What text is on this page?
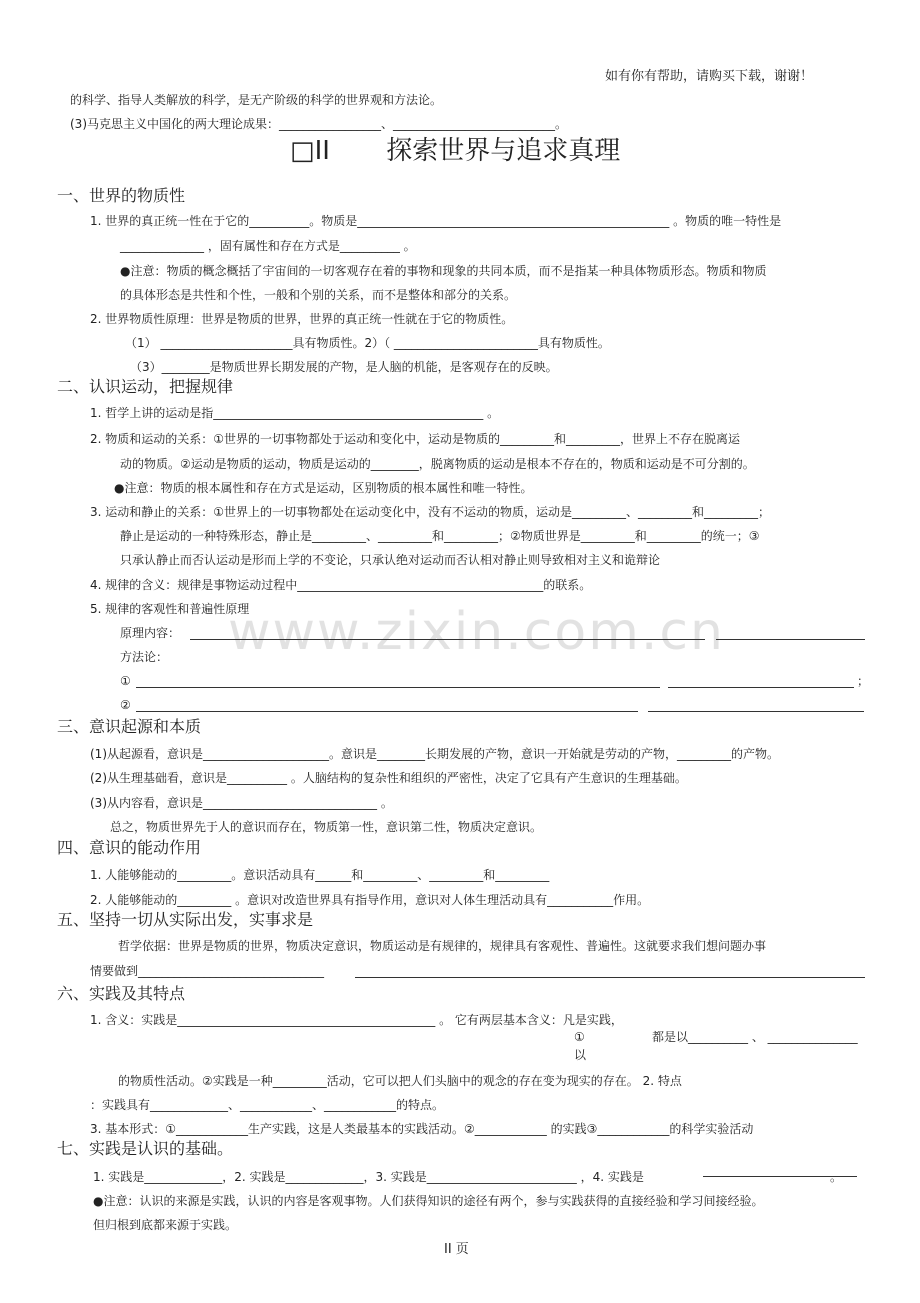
如有你有帮助，请购买下载，谢谢！
的科学、指导人类解放的科学，是无产阶级的科学的世界观和方法论。
(3)马克思主义中国化的两大理论成果：_________________、___________________________。
□II 探索世界与追求真理
www.zixin.com.cn
一、世界的物质性
1. 世界的真正统一性在于它的__________。物质是____________________________________________________ 。物质的唯一特性是
______________ ，固有属性和存在方式是__________ 。
●注意：物质的概念概括了宇宙间的一切客观存在着的事物和现象的共同本质，而不是指某一种具体物质形态。物质和物质
的具体形态是共性和个性，一般和个别的关系，而不是整体和部分的关系。
2. 世界物质性原理：世界是物质的世界，世界的真正统一性就在于它的物质性。
（1） ______________________具有物质性。2）（ ________________________具有物质性。
（3）________是物质世界长期发展的产物，是人脑的机能，是客观存在的反映。
二、认识运动，把握规律
1. 哲学上讲的运动是指_____________________________________________ 。
2. 物质和运动的关系：①世界的一切事物都处于运动和变化中，运动是物质的_________和_________，世界上不存在脱离运
动的物质。②运动是物质的运动，物质是运动的________，脱离物质的运动是根本不存在的，物质和运动是不可分割的。
●注意：物质的根本属性和存在方式是运动，区别物质的根本属性和唯一特性。
3. 运动和静止的关系：①世界上的一切事物都处在运动变化中，没有不运动的物质，运动是_________、_________和_________；
静止是运动的一种特殊形态，静止是_________、_________和_________；②物质世界是_________和_________的统一；③
只承认静止而否认运动是形而上学的不变论，只承认绝对运动而否认相对静止则导致相对主义和诡辩论
4. 规律的含义：规律是事物运动过程中_________________________________________的联系。
5. 规律的客观性和普遍性原理
原理内容：
方法论：
①	；
②
三、意识起源和本质
(1)从起源看，意识是_____________________。意识是________长期发展的产物，意识一开始就是劳动的产物，_________的产物。
(2)从生理基础看，意识是__________ 。人脑结构的复杂性和组织的严密性，决定了它具有产生意识的生理基础。
(3)从内容看，意识是_____________________________ 。
总之，物质世界先于人的意识而存在，物质第一性，意识第二性，物质决定意识。
四、意识的能动作用
1. 人能够能动的_________。意识活动具有______和_________、_________和_________
2. 人能够能动的_________ 。意识对改造世界具有指导作用，意识对人体生理活动具有___________作用。
五、坚持一切从实际出发，实事求是
哲学依据：世界是物质的世界，物质决定意识，物质运动是有规律的，规律具有客观性、普遍性。这就要求我们想问题办事
情要做到_______________________________
六、实践及其特点
1. 含义：实践是___________________________________________ 。 它有两层基本含义：凡是实践，
①	都是以__________ 、 _______________
以
的物质性活动。②实践是一种_________活动，它可以把人们头脑中的观念的存在变为现实的存在。 2. 特点
：实践具有_____________、____________、____________的特点。
3. 基本形式：①____________生产实践，这是人类最基本的实践活动。②____________ 的实践③____________的科学实验活动
七、实践是认识的基础。
1. 实践是_____________，2. 实践是_____________，3. 实践是_________________________ ，4. 实践是	。
●注意：认识的来源是实践，认识的内容是客观事物。人们获得知识的途径有两个，参与实践获得的直接经验和学习间接经验。
但归根到底都来源于实践。
II 页
